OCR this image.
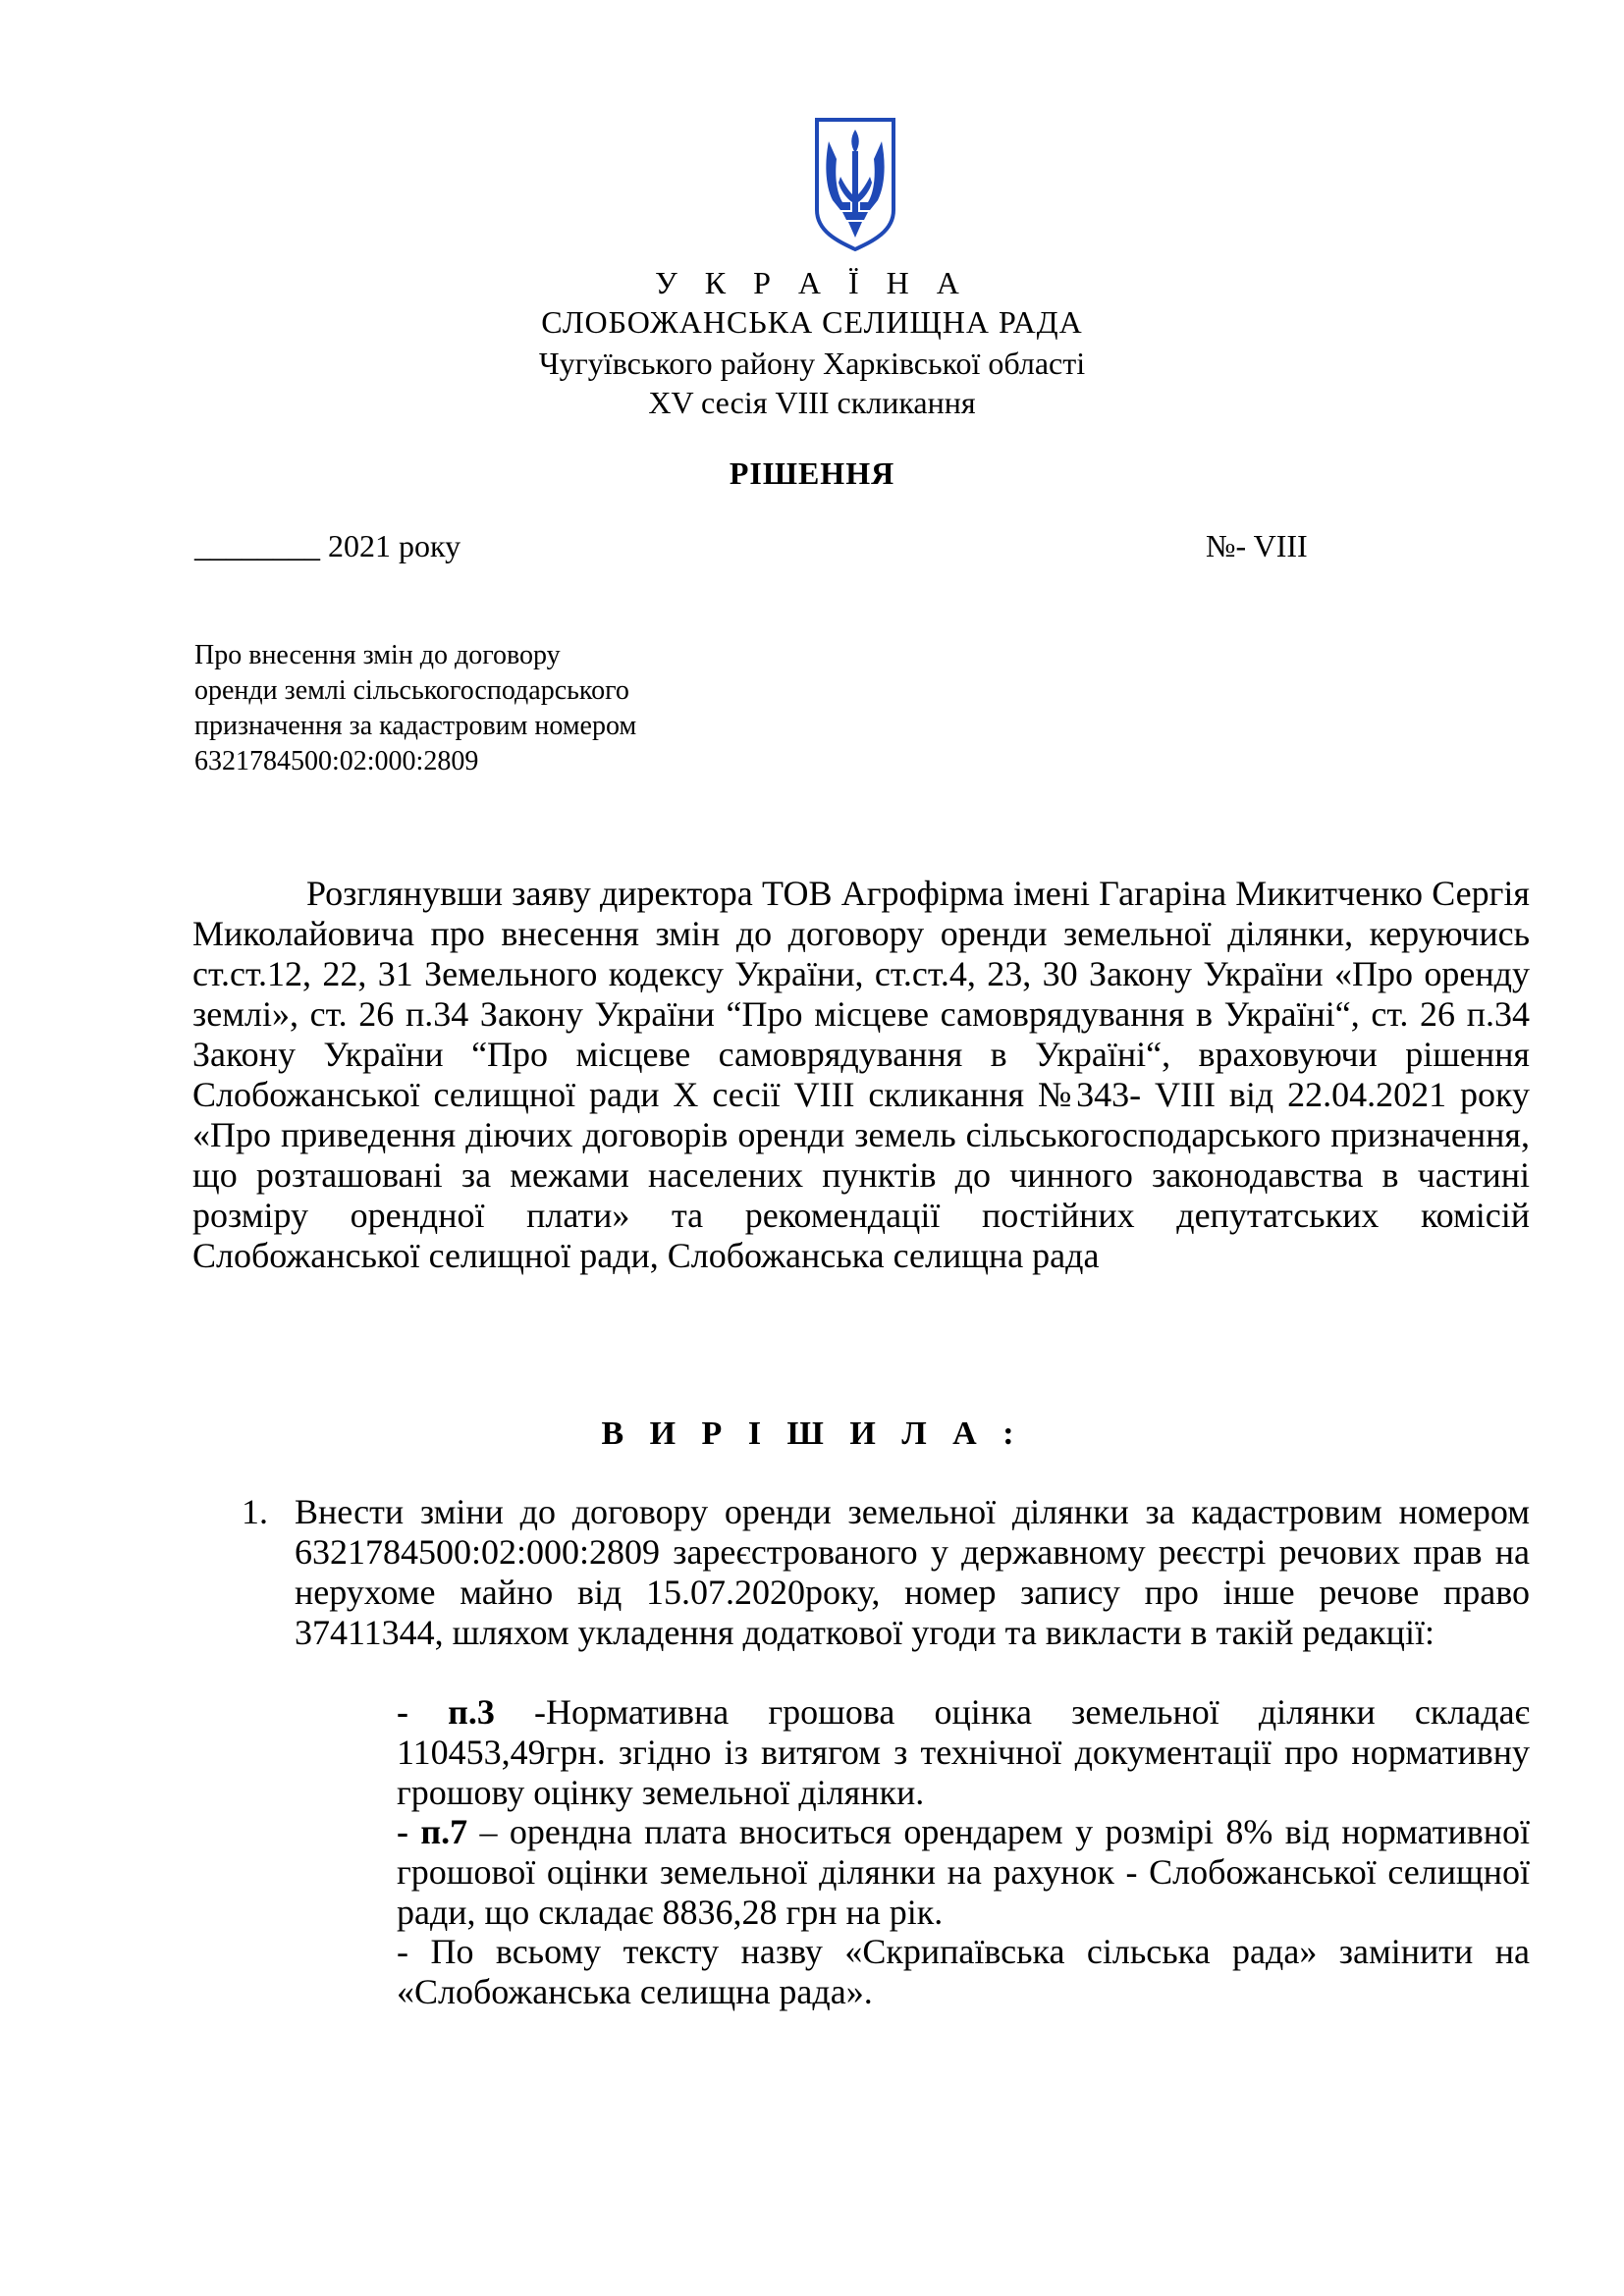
У К Р А Ї Н А
СЛОБОЖАНСЬКА СЕЛИЩНА РАДА
Чугуївського району Харківської області
ХV сесія VIII скликання
РІШЕННЯ
________ 2021 року	№- VIII
Про внесення змін до договору
оренди землі сільськогосподарського
призначення за кадастровим номером
6321784500:02:000:2809
Розглянувши заяву директора ТОВ Агрофірма імені Гагаріна Микитченко Сергія Миколайовича про внесення змін до договору оренди земельної ділянки, керуючись ст.ст.12, 22, 31 Земельного кодексу України, ст.ст.4, 23, 30 Закону України «Про оренду землі», ст. 26 п.34 Закону України “Про місцеве самоврядування в Україні“, ст. 26 п.34 Закону України “Про місцеве самоврядування в Україні“, враховуючи рішення Слобожанської селищної ради Х сесії VIII скликання №343- VIII від 22.04.2021 року «Про приведення діючих договорів оренди земель сільськогосподарського призначення, що розташовані за межами населених пунктів до чинного законодавства в частині розміру орендної плати» та рекомендації постійних депутатських комісій Слобожанської селищної ради, Слобожанська селищна рада
В И Р І Ш И Л А :
1. Внести зміни до договору оренди земельної ділянки за кадастровим номером 6321784500:02:000:2809 зареєстрованого у державному реєстрі речових прав на нерухоме майно від 15.07.2020року, номер запису про інше речове право 37411344, шляхом укладення додаткової угоди та викласти в такій редакції:
- п.3 -Нормативна грошова оцінка земельної ділянки складає 110453,49грн. згідно із витягом з технічної документації про нормативну грошову оцінку земельної ділянки.
- п.7 – орендна плата вноситься орендарем у розмірі 8% від нормативної грошової оцінки земельної ділянки на рахунок - Слобожанської селищної ради, що складає 8836,28 грн на рік.
- По всьому тексту назву «Скрипаївська сільська рада» замінити на «Слобожанська селищна рада».
